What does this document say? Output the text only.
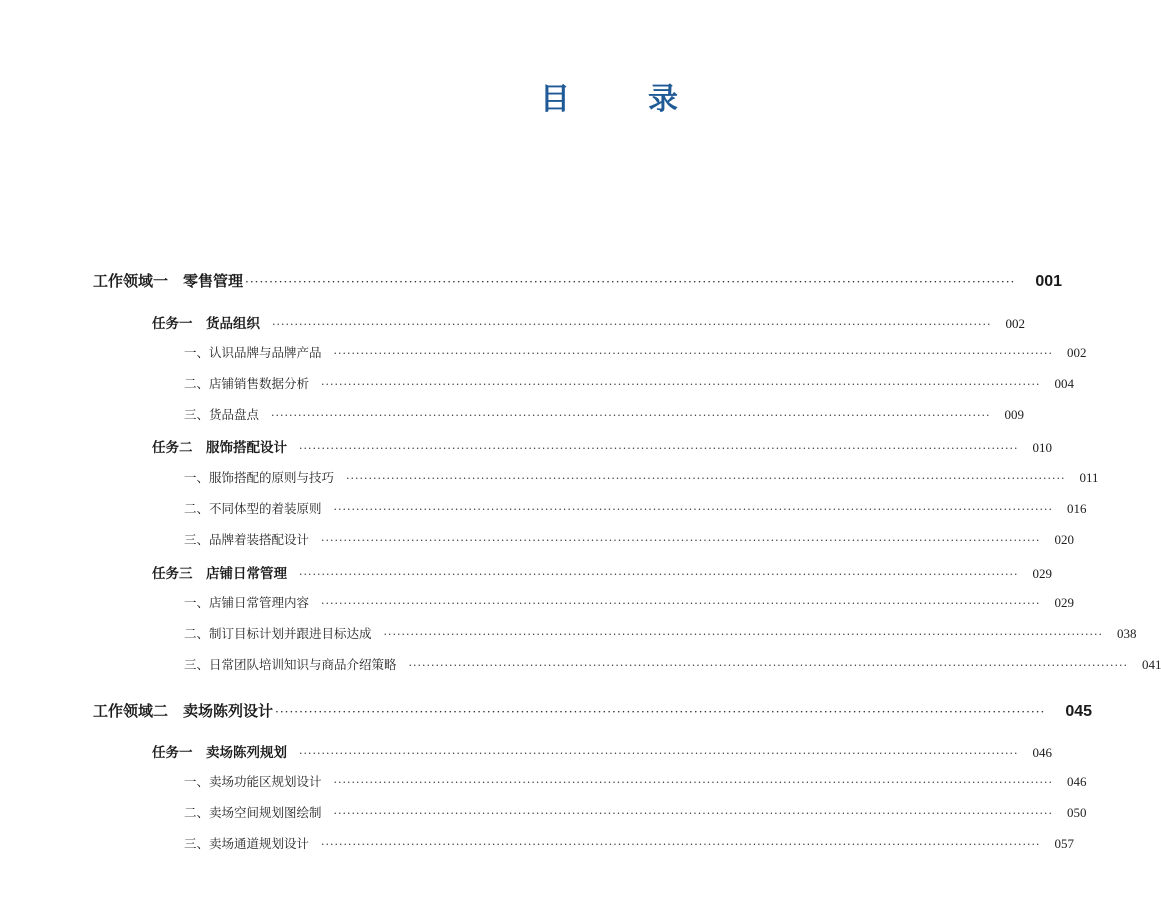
目　录
工作领域一　零售管理 ································································································································································ 001
任务一　货品组织 ································································································································································ 002
一、认识品牌与品牌产品 ································································································································································ 002
二、店铺销售数据分析 ································································································································································ 004
三、货品盘点 ································································································································································ 009
任务二　服饰搭配设计 ································································································································································ 010
一、服饰搭配的原则与技巧 ································································································································································ 011
二、不同体型的着装原则 ································································································································································ 016
三、品牌着装搭配设计 ································································································································································ 020
任务三　店铺日常管理 ································································································································································ 029
一、店铺日常管理内容 ································································································································································ 029
二、制订目标计划并跟进目标达成 ································································································································································ 038
三、日常团队培训知识与商品介绍策略 ································································································································································ 041
工作领域二　卖场陈列设计 ································································································································································ 045
任务一　卖场陈列规划 ································································································································································ 046
一、卖场功能区规划设计 ································································································································································ 046
二、卖场空间规划图绘制 ································································································································································ 050
三、卖场通道规划设计 ································································································································································ 057
